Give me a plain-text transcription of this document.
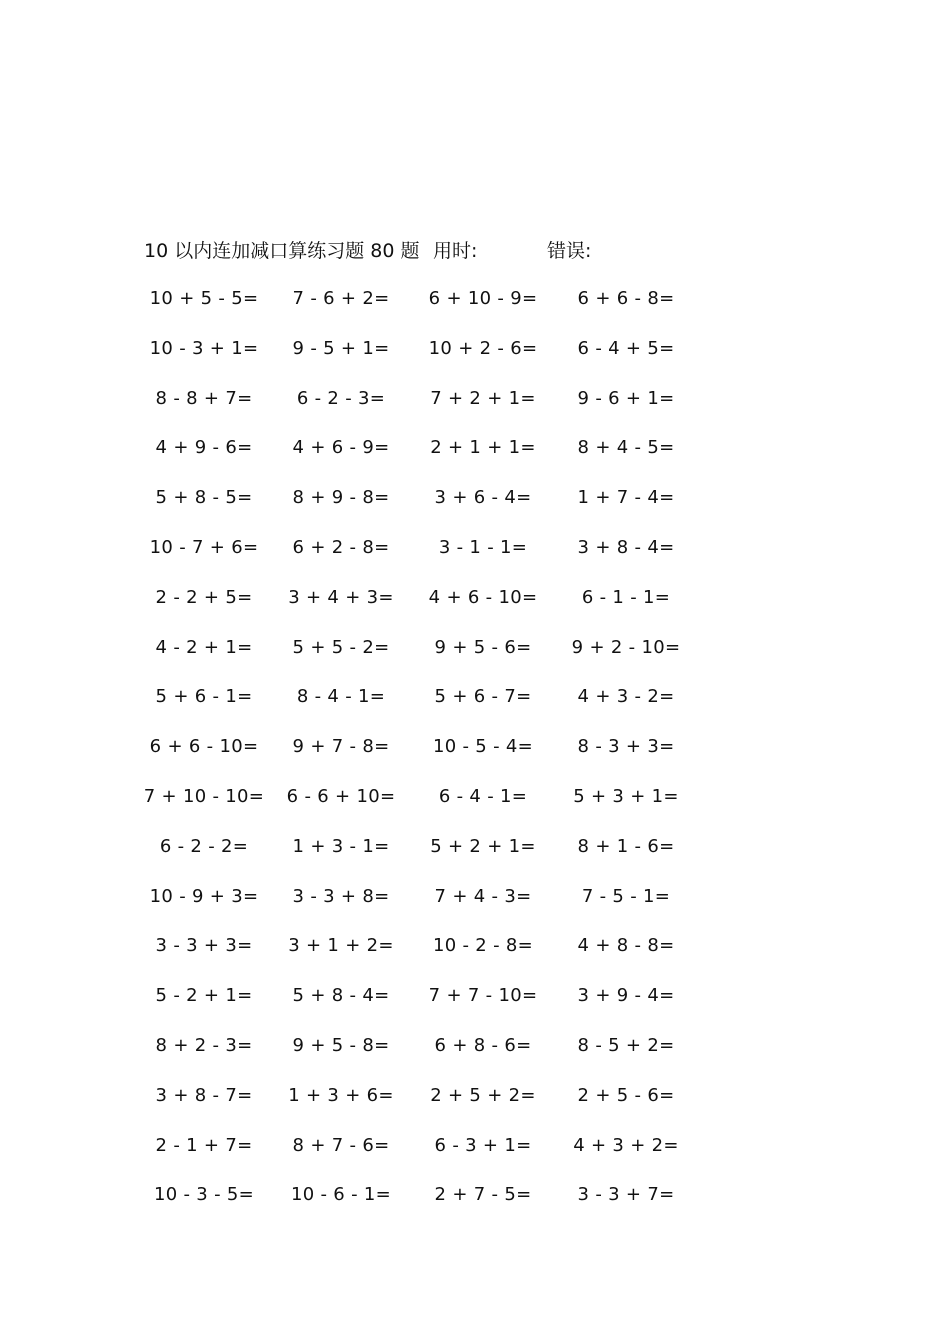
10 以内连加减口算练习题 80 题 用时:	错误:
10 + 5 - 5=	7 - 6 + 2=	6 + 10 - 9=	6 + 6 - 8=
10 - 3 + 1=	9 - 5 + 1=	10 + 2 - 6=	6 - 4 + 5=
8 - 8 + 7=	6 - 2 - 3=	7 + 2 + 1=	9 - 6 + 1=
4 + 9 - 6=	4 + 6 - 9=	2 + 1 + 1=	8 + 4 - 5=
5 + 8 - 5=	8 + 9 - 8=	3 + 6 - 4=	1 + 7 - 4=
10 - 7 + 6=	6 + 2 - 8=	3 - 1 - 1=	3 + 8 - 4=
2 - 2 + 5=	3 + 4 + 3=	4 + 6 - 10=	6 - 1 - 1=
4 - 2 + 1=	5 + 5 - 2=	9 + 5 - 6=	9 + 2 - 10=
5 + 6 - 1=	8 - 4 - 1=	5 + 6 - 7=	4 + 3 - 2=
6 + 6 - 10=	9 + 7 - 8=	10 - 5 - 4=	8 - 3 + 3=
7 + 10 - 10=	6 - 6 + 10=	6 - 4 - 1=	5 + 3 + 1=
6 - 2 - 2=	1 + 3 - 1=	5 + 2 + 1=	8 + 1 - 6=
10 - 9 + 3=	3 - 3 + 8=	7 + 4 - 3=	7 - 5 - 1=
3 - 3 + 3=	3 + 1 + 2=	10 - 2 - 8=	4 + 8 - 8=
5 - 2 + 1=	5 + 8 - 4=	7 + 7 - 10=	3 + 9 - 4=
8 + 2 - 3=	9 + 5 - 8=	6 + 8 - 6=	8 - 5 + 2=
3 + 8 - 7=	1 + 3 + 6=	2 + 5 + 2=	2 + 5 - 6=
2 - 1 + 7=	8 + 7 - 6=	6 - 3 + 1=	4 + 3 + 2=
10 - 3 - 5=	10 - 6 - 1=	2 + 7 - 5=	3 - 3 + 7=
